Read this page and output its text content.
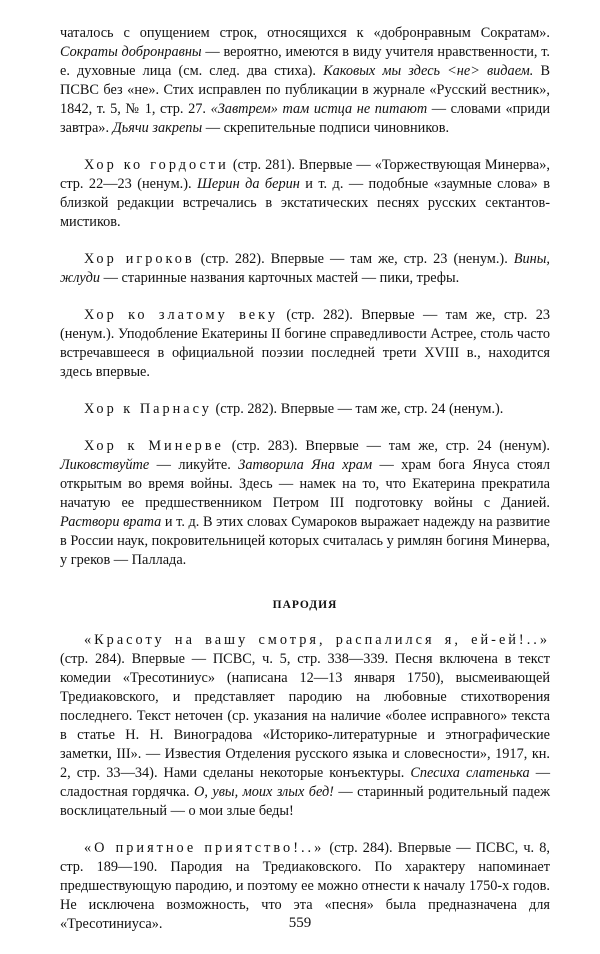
чаталось с опущением строк, относящихся к «добронравным Сократам». Сократы добронравны — вероятно, имеются в виду учителя нравственности, т. е. духовные лица (см. след. два стиха). Каковых мы здесь <не> видаем. В ПСВС без «не». Стих исправлен по публикации в журнале «Русский вестник», 1842, т. 5, № 1, стр. 27. «Завтрем» там истца не питают — словами «приди завтра». Дьячи закрепы — скрепительные подписи чиновников.

Хор ко гордости (стр. 281). Впервые — «Торжествующая Минерва», стр. 22—23 (ненум.). Шерин да берин и т. д. — подобные «заумные слова» в близкой редакции встречались в экстатических песнях русских сектантов-мистиков.

Хор игроков (стр. 282). Впервые — там же, стр. 23 (ненум.). Вины, жлуди — старинные названия карточных мастей — пики, трефы.

Хор ко златому веку (стр. 282). Впервые — там же, стр. 23 (ненум.). Уподобление Екатерины II богине справедливости Астрее, столь часто встречавшееся в официальной поэзии последней трети XVIII в., находится здесь впервые.

Хор к Парнасу (стр. 282). Впервые — там же, стр. 24 (ненум.).

Хор к Минерве (стр. 283). Впервые — там же, стр. 24 (ненум). Ликовствуйте — ликуйте. Затворила Яна храм — храм бога Януса стоял открытым во время войны. Здесь — намек на то, что Екатерина прекратила начатую ее предшественником Петром III подготовку войны с Данией. Раствори врата и т. д. В этих словах Сумароков выражает надежду на развитие в России наук, покровительницей которых считалась у римлян богиня Минерва, у греков — Паллада.

ПАРОДИЯ

«Красоту на вашу смотря, распалился я, ей-ей!..» (стр. 284). Впервые — ПСВС, ч. 5, стр. 338—339. Песня включена в текст комедии «Тресотиниус» (написана 12—13 января 1750), высмеивающей Тредиаковского, и представляет пародию на любовные стихотворения последнего. Текст неточен (ср. указания на наличие «более исправного» текста в статье Н. Н. Виноградова «Историко-литературные и этнографические заметки, III». — Известия Отделения русского языка и словесности», 1917, кн. 2, стр. 33—34). Нами сделаны некоторые конъектуры. Спесиха слатенька — сладостная гордячка. О, увы, моих злых бед! — старинный родительный падеж восклицательный — о мои злые беды!

«О приятное приятство!..» (стр. 284). Впервые — ПСВС, ч. 8, стр. 189—190. Пародия на Тредиаковского. По характеру напоминает предшествующую пародию, и поэтому ее можно отнести к началу 1750-х годов. Не исключена возможность, что эта «песня» была предназначена для «Тресотиниуса».	559
